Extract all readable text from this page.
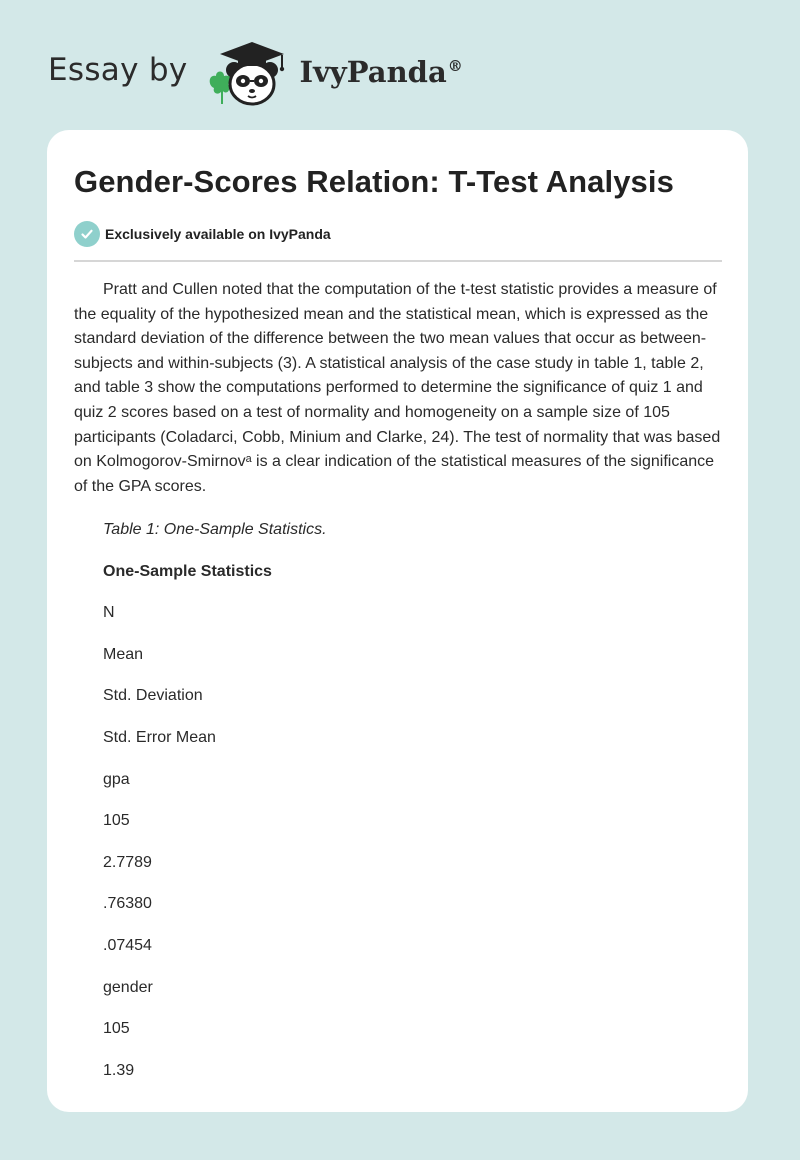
Essay by	IvyPanda®
Gender-Scores Relation: T-Test Analysis
Exclusively available on IvyPanda

Pratt and Cullen noted that the computation of the t-test statistic provides a measure of the equality of the hypothesized mean and the statistical mean, which is expressed as the standard deviation of the difference between the two mean values that occur as between-subjects and within-subjects (3). A statistical analysis of the case study in table 1, table 2, and table 3 show the computations performed to determine the significance of quiz 1 and quiz 2 scores based on a test of normality and homogeneity on a sample size of 105 participants (Coladarci, Cobb, Minium and Clarke, 24). The test of normality that was based on Kolmogorov-Smirnovᵃ is a clear indication of the statistical measures of the significance of the GPA scores.

Table 1: One-Sample Statistics.
One-Sample Statistics
N
Mean
Std. Deviation
Std. Error Mean
gpa
105
2.7789
.76380
.07454
gender
105
1.39
